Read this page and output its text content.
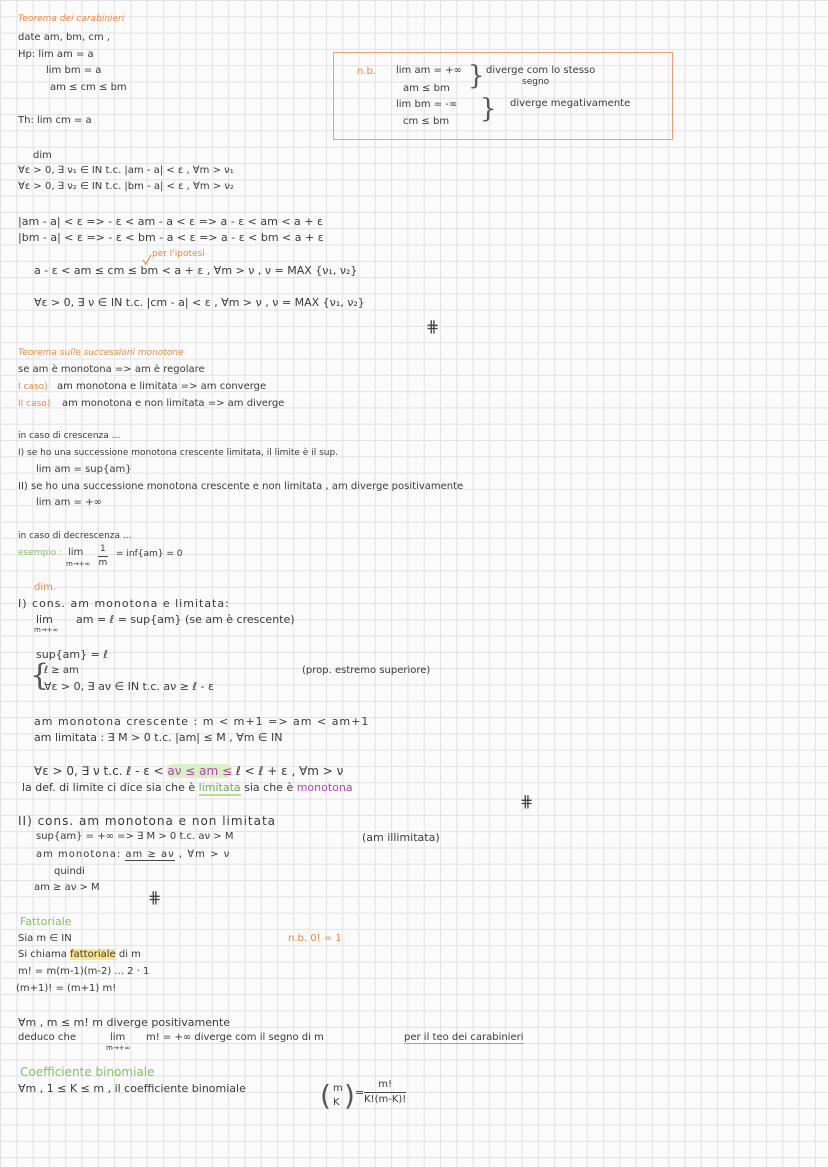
Teorema dei carabinieri
date am, bm, cm ,
Hp: lim am = a
lim bm = a
am ≤ cm ≤ bm
Th: lim cm = a
n.b. lim am = +∞
am ≤ bm } diverge com lo stesso
segno
lim bm = -∞
cm ≤ bm } diverge megativamente
dim
∀ε > 0, ∃ ν₁ ∈ IN t.c. |am - a| < ε , ∀m > ν₁
∀ε > 0, ∃ ν₂ ∈ IN t.c. |bm - a| < ε , ∀m > ν₂
|am - a| < ε => - ε < am - a < ε => a - ε < am < a + ε
|bm - a| < ε => - ε < bm - a < ε => a - ε < bm < a + ε
per l'ipotesi
a - ε < am ≤ cm ≤ bm < a + ε , ∀m > ν , ν = MAX {ν₁, ν₂}
∀ε > 0, ∃ ν ∈ IN t.c. |cm - a| < ε , ∀m > ν , ν = MAX {ν₁, ν₂}
⋕
Teorema sulle successioni monotone
se am è monotona => am è regolare
I caso) am monotona e limitata => am converge
II caso) am monotona e non limitata => am diverge
in caso di crescenza ...
I) se ho una successione monotona crescente limitata, il limite è il sup.
lim am = sup{am}
II) se ho una successione monotona crescente e non limitata , am diverge positivamente
lim am = +∞
in caso di decrescenza ...
esempio : lim
$m\to+\infty \frac{1}{m} = inf\{am\} = 0$
dim.
I) cons. am monotona e limitata:
lim
m→+∞
am = ℓ = sup{am} (se am è crescente)
sup{am} = ℓ
{
ℓ ≥ am
∀ε > 0, ∃ aν ∈ IN t.c. aν ≥ ℓ - ε
(prop. estremo superiore)
am monotona crescente : m < m+1 => am < am+1
am limitata : ∃ M > 0 t.c. |am| ≤ M , ∀m ∈ IN
∀ε > 0, ∃ ν t.c. ℓ - ε < aν ≤ am ≤ ℓ < ℓ + ε , ∀m > ν
la def. di limite ci dice sia che è limitata sia che è monotona
⋕
II) cons. am monotona e non limitata
sup{am} = +∞ => ∃ M > 0 t.c. aν > M	(am illimitata)
am monotona: am ≥ aν , ∀m > ν
quindi
am ≥ aν > M
⋕
Fattoriale
Sia m ∈ IN
Si chiama fattoriale di m
m! = m(m-1)(m-2) ... 2 · 1
(m+1)! = (m+1) m!
n.b. 0! = 1
∀m , m ≤ m! m diverge positivamente
deduco che	lim
m→+∞
m! = +∞ diverge com il segno di m	per il teo dei carabinieri
Coefficiente binomiale
∀m , 1 ≤ K ≤ m , il coefficiente binomiale	( m
K ) = $\frac{m!}{K!(m-K)!}$
